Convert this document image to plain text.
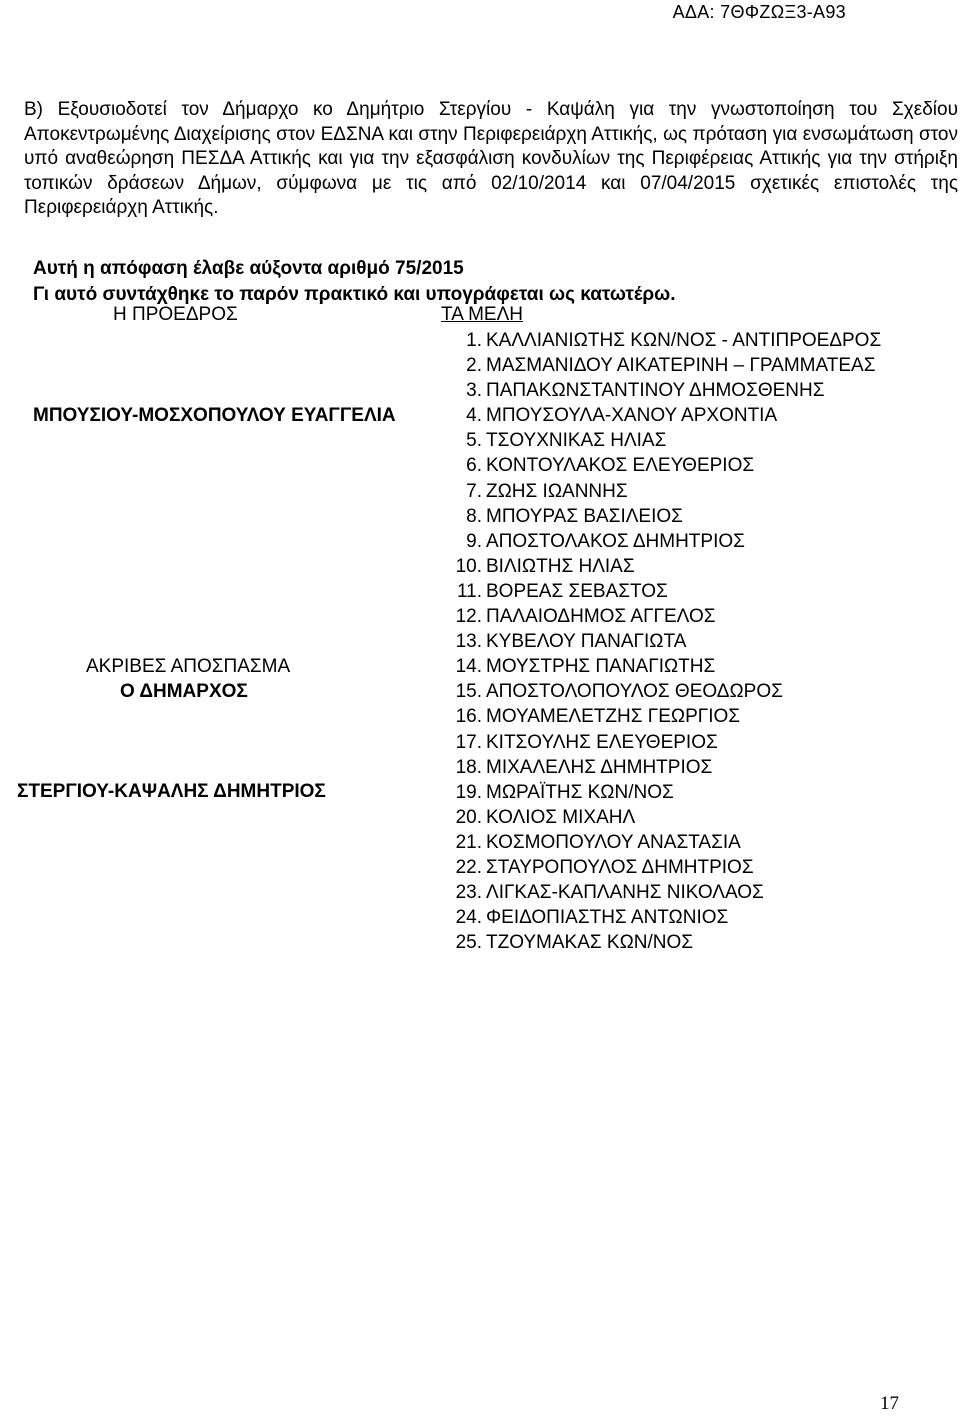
ΑΔΑ: 7ΘΦΖΩΞ3-Α93

Β) Εξουσιοδοτεί τον Δήμαρχο κο Δημήτριο Στεργίου - Καψάλη για την γνωστοποίηση του Σχεδίου Αποκεντρωμένης Διαχείρισης στον ΕΔΣΝΑ και στην Περιφερειάρχη Αττικής, ως πρόταση για ενσωμάτωση στον υπό αναθεώρηση ΠΕΣΔΑ Αττικής και για την εξασφάλιση κονδυλίων της Περιφέρειας Αττικής για την στήριξη τοπικών δράσεων Δήμων, σύμφωνα με τις από 02/10/2014 και 07/04/2015 σχετικές επιστολές της Περιφερειάρχη Αττικής.

Αυτή η απόφαση έλαβε αύξοντα αριθμό 75/2015
Γι αυτό συντάχθηκε το παρόν πρακτικό και υπογράφεται ως κατωτέρω.
Η ΠΡΟΕΔΡΟΣ	ΤΑ ΜΕΛΗ
ΜΠΟΥΣΙΟΥ-ΜΟΣΧΟΠΟΥΛΟΥ ΕΥΑΓΓΕΛΙΑ
ΑΚΡΙΒΕΣ ΑΠΟΣΠΑΣΜΑ
Ο ΔΗΜΑΡΧΟΣ
ΣΤΕΡΓΙΟΥ-ΚΑΨΑΛΗΣ ΔΗΜΗΤΡΙΟΣ
1. ΚΑΛΛΙΑΝΙΩΤΗΣ ΚΩΝ/ΝΟΣ - ΑΝΤΙΠΡΟΕΔΡΟΣ
2. ΜΑΣΜΑΝΙΔΟΥ ΑΙΚΑΤΕΡΙΝΗ – ΓΡΑΜΜΑΤΕΑΣ
3. ΠΑΠΑΚΩΝΣΤΑΝΤΙΝΟΥ ΔΗΜΟΣΘΕΝΗΣ
4. ΜΠΟΥΣΟΥΛΑ-ΧΑΝΟΥ ΑΡΧΟΝΤΙΑ
5. ΤΣΟΥΧΝΙΚΑΣ ΗΛΙΑΣ
6. ΚΟΝΤΟΥΛΑΚΟΣ ΕΛΕΥΘΕΡΙΟΣ
7. ΖΩΗΣ ΙΩΑΝΝΗΣ
8. ΜΠΟΥΡΑΣ ΒΑΣΙΛΕΙΟΣ
9. ΑΠΟΣΤΟΛΑΚΟΣ ΔΗΜΗΤΡΙΟΣ
10. ΒΙΛΙΩΤΗΣ ΗΛΙΑΣ
11. ΒΟΡΕΑΣ ΣΕΒΑΣΤΟΣ
12. ΠΑΛΑΙΟΔΗΜΟΣ ΑΓΓΕΛΟΣ
13. ΚΥΒΕΛΟΥ ΠΑΝΑΓΙΩΤΑ
14. ΜΟΥΣΤΡΗΣ ΠΑΝΑΓΙΩΤΗΣ
15. ΑΠΟΣΤΟΛΟΠΟΥΛΟΣ ΘΕΟΔΩΡΟΣ
16. ΜΟΥΑΜΕΛΕΤΖΗΣ ΓΕΩΡΓΙΟΣ
17. ΚΙΤΣΟΥΛΗΣ ΕΛΕΥΘΕΡΙΟΣ
18. ΜΙΧΑΛΕΛΗΣ ΔΗΜΗΤΡΙΟΣ
19. ΜΩΡΑΪΤΗΣ ΚΩΝ/ΝΟΣ
20. ΚΟΛΙΟΣ ΜΙΧΑΗΛ
21. ΚΟΣΜΟΠΟΥΛΟΥ ΑΝΑΣΤΑΣΙΑ
22. ΣΤΑΥΡΟΠΟΥΛΟΣ ΔΗΜΗΤΡΙΟΣ
23. ΛΙΓΚΑΣ-ΚΑΠΛΑΝΗΣ ΝΙΚΟΛΑΟΣ
24. ΦΕΙΔΟΠΙΑΣΤΗΣ ΑΝΤΩΝΙΟΣ
25. ΤΖΟΥΜΑΚΑΣ ΚΩΝ/ΝΟΣ
17
